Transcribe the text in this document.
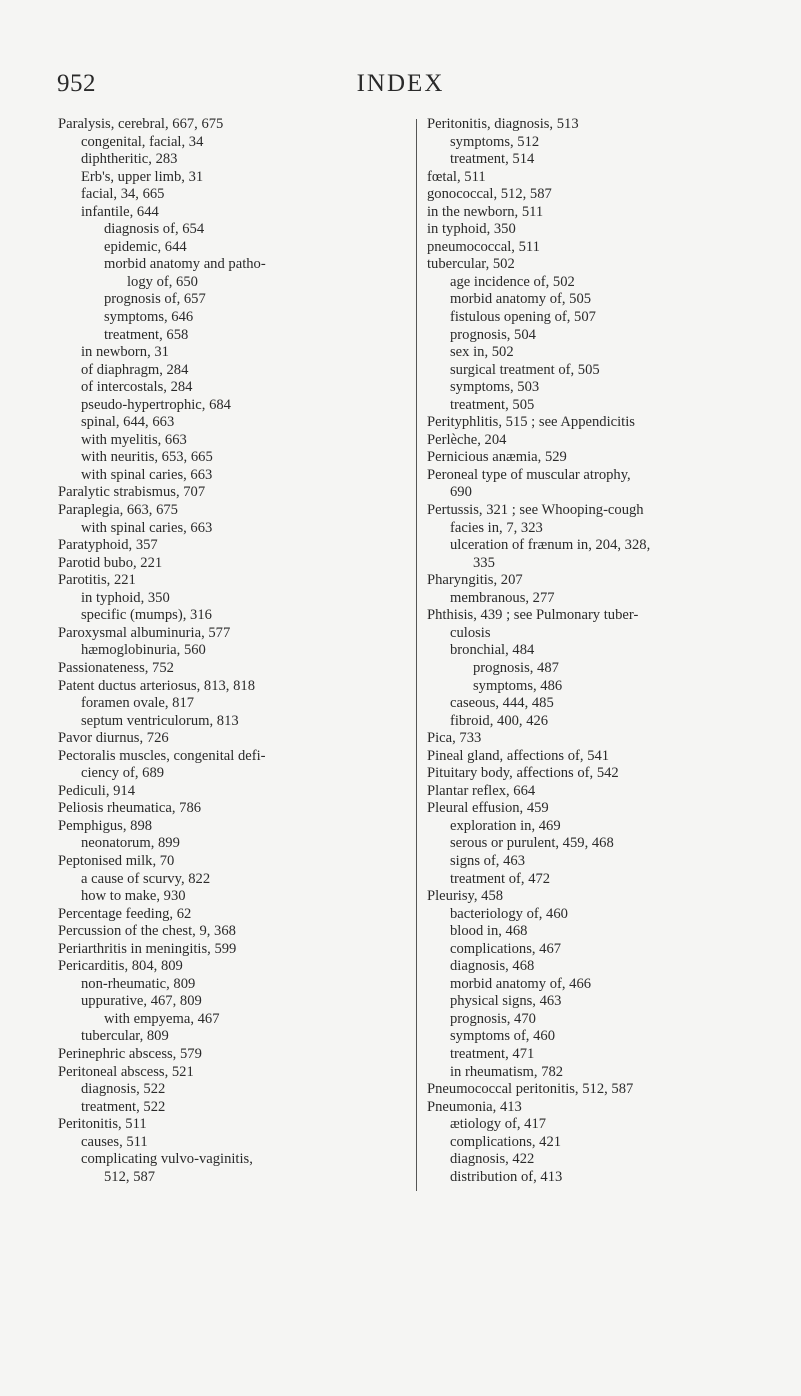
952	INDEX
Paralysis, cerebral, 667, 675
congenital, facial, 34
diphtheritic, 283
Erb's, upper limb, 31
facial, 34, 665
infantile, 644
diagnosis of, 654
epidemic, 644
morbid anatomy and patho-
logy of, 650
prognosis of, 657
symptoms, 646
treatment, 658
in newborn, 31
of diaphragm, 284
of intercostals, 284
pseudo-hypertrophic, 684
spinal, 644, 663
with myelitis, 663
with neuritis, 653, 665
with spinal caries, 663
Paralytic strabismus, 707
Paraplegia, 663, 675
with spinal caries, 663
Paratyphoid, 357
Parotid bubo, 221
Parotitis, 221
in typhoid, 350
specific (mumps), 316
Paroxysmal albuminuria, 577
hæmoglobinuria, 560
Passionateness, 752
Patent ductus arteriosus, 813, 818
foramen ovale, 817
septum ventriculorum, 813
Pavor diurnus, 726
Pectoralis muscles, congenital defi-
ciency of, 689
Pediculi, 914
Peliosis rheumatica, 786
Pemphigus, 898
neonatorum, 899
Peptonised milk, 70
a cause of scurvy, 822
how to make, 930
Percentage feeding, 62
Percussion of the chest, 9, 368
Periarthritis in meningitis, 599
Pericarditis, 804, 809
non-rheumatic, 809
uppurative, 467, 809
with empyema, 467
tubercular, 809
Perinephric abscess, 579
Peritoneal abscess, 521
diagnosis, 522
treatment, 522
Peritonitis, 511
causes, 511
complicating vulvo-vaginitis,
512, 587
Peritonitis, diagnosis, 513
symptoms, 512
treatment, 514
fœtal, 511
gonococcal, 512, 587
in the newborn, 511
in typhoid, 350
pneumococcal, 511
tubercular, 502
age incidence of, 502
morbid anatomy of, 505
fistulous opening of, 507
prognosis, 504
sex in, 502
surgical treatment of, 505
symptoms, 503
treatment, 505
Perityphlitis, 515 ; see Appendicitis
Perlèche, 204
Pernicious anæmia, 529
Peroneal type of muscular atrophy,
690
Pertussis, 321 ; see Whooping-cough
facies in, 7, 323
ulceration of frænum in, 204, 328,
335
Pharyngitis, 207
membranous, 277
Phthisis, 439 ; see Pulmonary tuber-
culosis
bronchial, 484
prognosis, 487
symptoms, 486
caseous, 444, 485
fibroid, 400, 426
Pica, 733
Pineal gland, affections of, 541
Pituitary body, affections of, 542
Plantar reflex, 664
Pleural effusion, 459
exploration in, 469
serous or purulent, 459, 468
signs of, 463
treatment of, 472
Pleurisy, 458
bacteriology of, 460
blood in, 468
complications, 467
diagnosis, 468
morbid anatomy of, 466
physical signs, 463
prognosis, 470
symptoms of, 460
treatment, 471
in rheumatism, 782
Pneumococcal peritonitis, 512, 587
Pneumonia, 413
ætiology of, 417
complications, 421
diagnosis, 422
distribution of, 413
